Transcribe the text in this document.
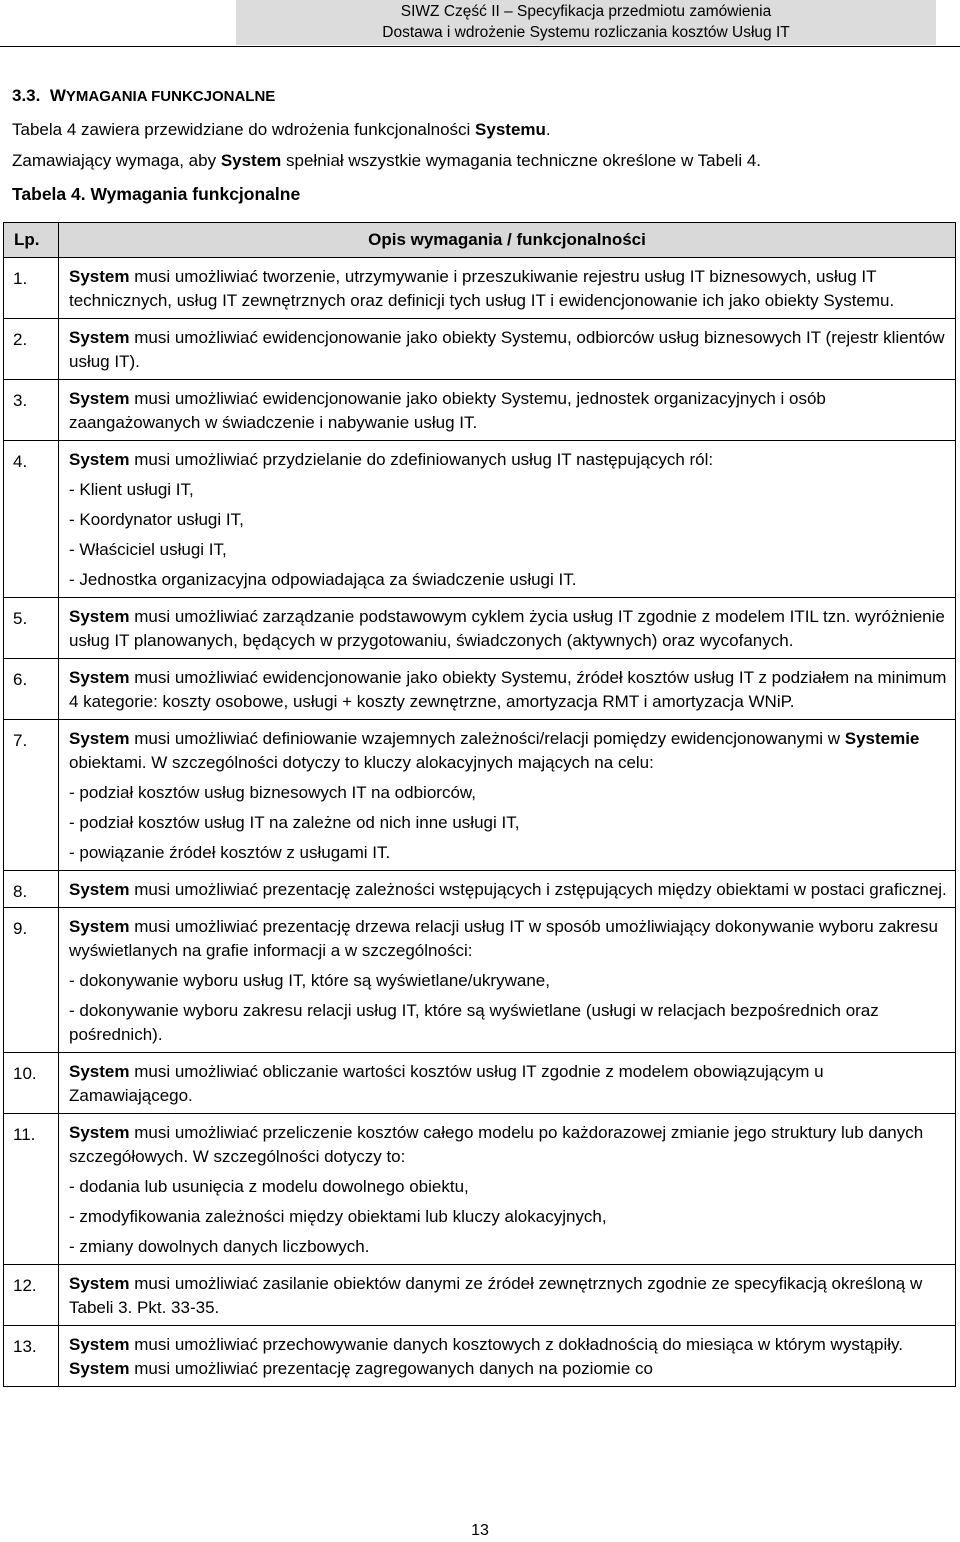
SIWZ Część II – Specyfikacja przedmiotu zamówienia
Dostawa i wdrożenie Systemu rozliczania kosztów Usług IT
3.3. WYMAGANIA FUNKCJONALNE
Tabela 4 zawiera przewidziane do wdrożenia funkcjonalności Systemu.
Zamawiający wymaga, aby System spełniał wszystkie wymagania techniczne określone w Tabeli 4.
Tabela 4. Wymagania funkcjonalne
Lp.	Opis wymagania / funkcjonalności
1.	System musi umożliwiać tworzenie, utrzymywanie i przeszukiwanie rejestru usług IT biznesowych, usług IT technicznych, usług IT zewnętrznych oraz definicji tych usług IT i ewidencjonowanie ich jako obiekty Systemu.
2.	System musi umożliwiać ewidencjonowanie jako obiekty Systemu, odbiorców usług biznesowych IT (rejestr klientów usług IT).
3.	System musi umożliwiać ewidencjonowanie jako obiekty Systemu, jednostek organizacyjnych i osób zaangażowanych w świadczenie i nabywanie usług IT.
4.	System musi umożliwiać przydzielanie do zdefiniowanych usług IT następujących ról:
- Klient usługi IT,
- Koordynator usługi IT,
- Właściciel usługi IT,
- Jednostka organizacyjna odpowiadająca za świadczenie usługi IT.
5.	System musi umożliwiać zarządzanie podstawowym cyklem życia usług IT zgodnie z modelem ITIL tzn. wyróżnienie usług IT planowanych, będących w przygotowaniu, świadczonych (aktywnych) oraz wycofanych.
6.	System musi umożliwiać ewidencjonowanie jako obiekty Systemu, źródeł kosztów usług IT z podziałem na minimum 4 kategorie: koszty osobowe, usługi + koszty zewnętrzne, amortyzacja RMT i amortyzacja WNiP.
7.	System musi umożliwiać definiowanie wzajemnych zależności/relacji pomiędzy ewidencjonowanymi w Systemie obiektami. W szczególności dotyczy to kluczy alokacyjnych mających na celu:
- podział kosztów usług biznesowych IT na odbiorców,
- podział kosztów usług IT na zależne od nich inne usługi IT,
- powiązanie źródeł kosztów z usługami IT.
8.	System musi umożliwiać prezentację zależności wstępujących i zstępujących między obiektami w postaci graficznej.
9.	System musi umożliwiać prezentację drzewa relacji usług IT w sposób umożliwiający dokonywanie wyboru zakresu wyświetlanych na grafie informacji a w szczególności:
- dokonywanie wyboru usług IT, które są wyświetlane/ukrywane,
- dokonywanie wyboru zakresu relacji usług IT, które są wyświetlane (usługi w relacjach bezpośrednich oraz pośrednich).
10.	System musi umożliwiać obliczanie wartości kosztów usług IT zgodnie z modelem obowiązującym u Zamawiającego.
11.	System musi umożliwiać przeliczenie kosztów całego modelu po każdorazowej zmianie jego struktury lub danych szczegółowych. W szczególności dotyczy to:
- dodania lub usunięcia z modelu dowolnego obiektu,
- zmodyfikowania zależności między obiektami lub kluczy alokacyjnych,
- zmiany dowolnych danych liczbowych.
12.	System musi umożliwiać zasilanie obiektów danymi ze źródeł zewnętrznych zgodnie ze specyfikacją określoną w Tabeli 3. Pkt. 33-35.
13.	System musi umożliwiać przechowywanie danych kosztowych z dokładnością do miesiąca w którym wystąpiły. System musi umożliwiać prezentację zagregowanych danych na poziomie co
13
